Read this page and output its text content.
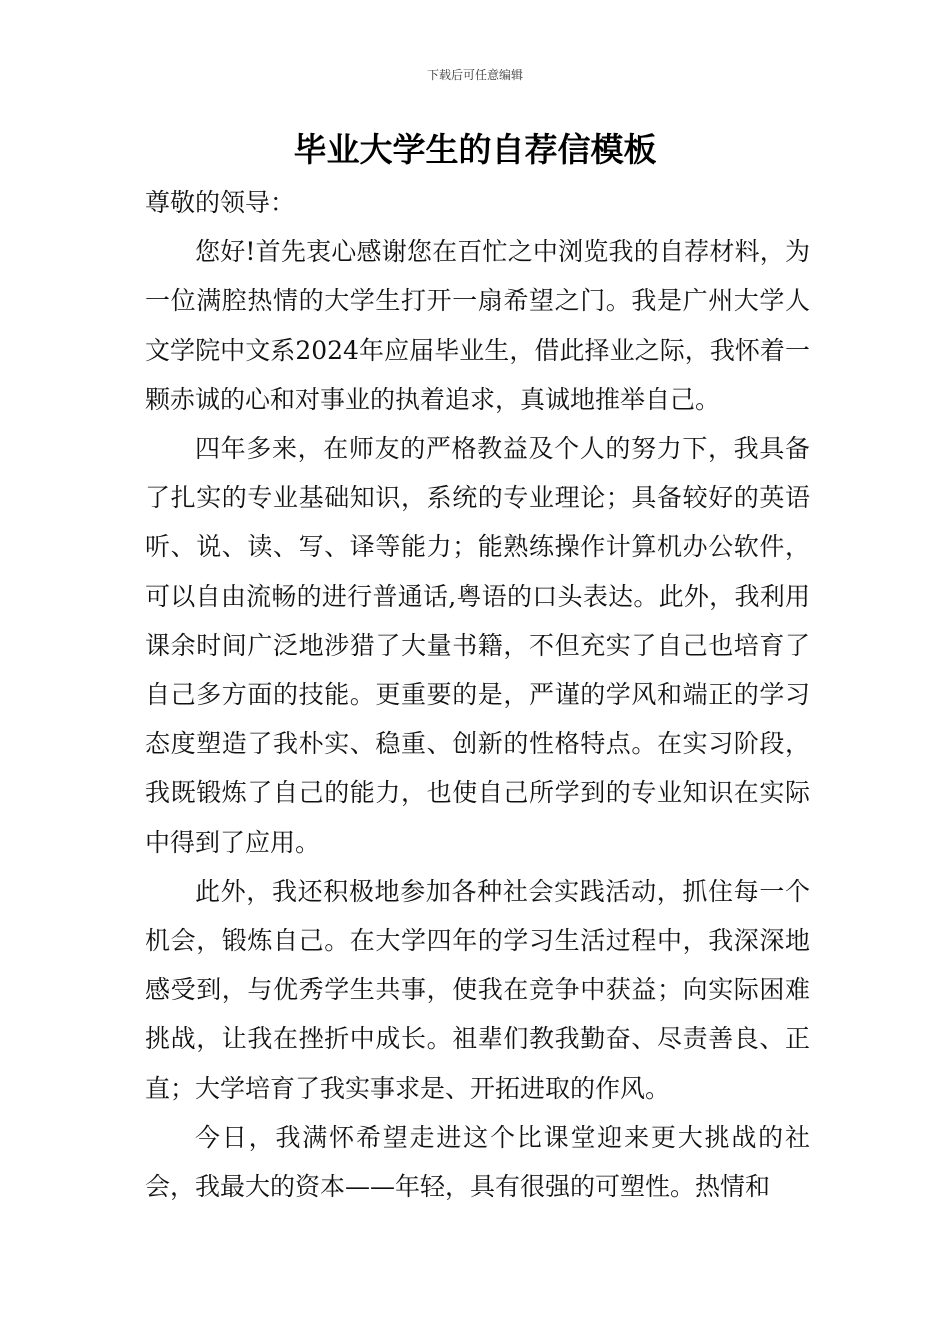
下载后可任意编辑
毕业大学生的自荐信模板

尊敬的领导：

您好!首先衷心感谢您在百忙之中浏览我的自荐材料，为一位满腔热情的大学生打开一扇希望之门。我是广州大学人文学院中文系2024年应届毕业生，借此择业之际，我怀着一颗赤诚的心和对事业的执着追求，真诚地推举自己。

四年多来，在师友的严格教益及个人的努力下，我具备了扎实的专业基础知识，系统的专业理论；具备较好的英语听、说、读、写、译等能力；能熟练操作计算机办公软件，可以自由流畅的进行普通话,粤语的口头表达。此外，我利用课余时间广泛地涉猎了大量书籍，不但充实了自己也培育了自己多方面的技能。更重要的是，严谨的学风和端正的学习态度塑造了我朴实、稳重、创新的性格特点。在实习阶段，我既锻炼了自己的能力，也使自己所学到的专业知识在实际中得到了应用。

此外，我还积极地参加各种社会实践活动，抓住每一个机会，锻炼自己。在大学四年的学习生活过程中，我深深地感受到，与优秀学生共事，使我在竞争中获益；向实际困难挑战，让我在挫折中成长。祖辈们教我勤奋、尽责善良、正直；大学培育了我实事求是、开拓进取的作风。

今日，我满怀希望走进这个比课堂迎来更大挑战的社会，我最大的资本——年轻，具有很强的可塑性。热情和
